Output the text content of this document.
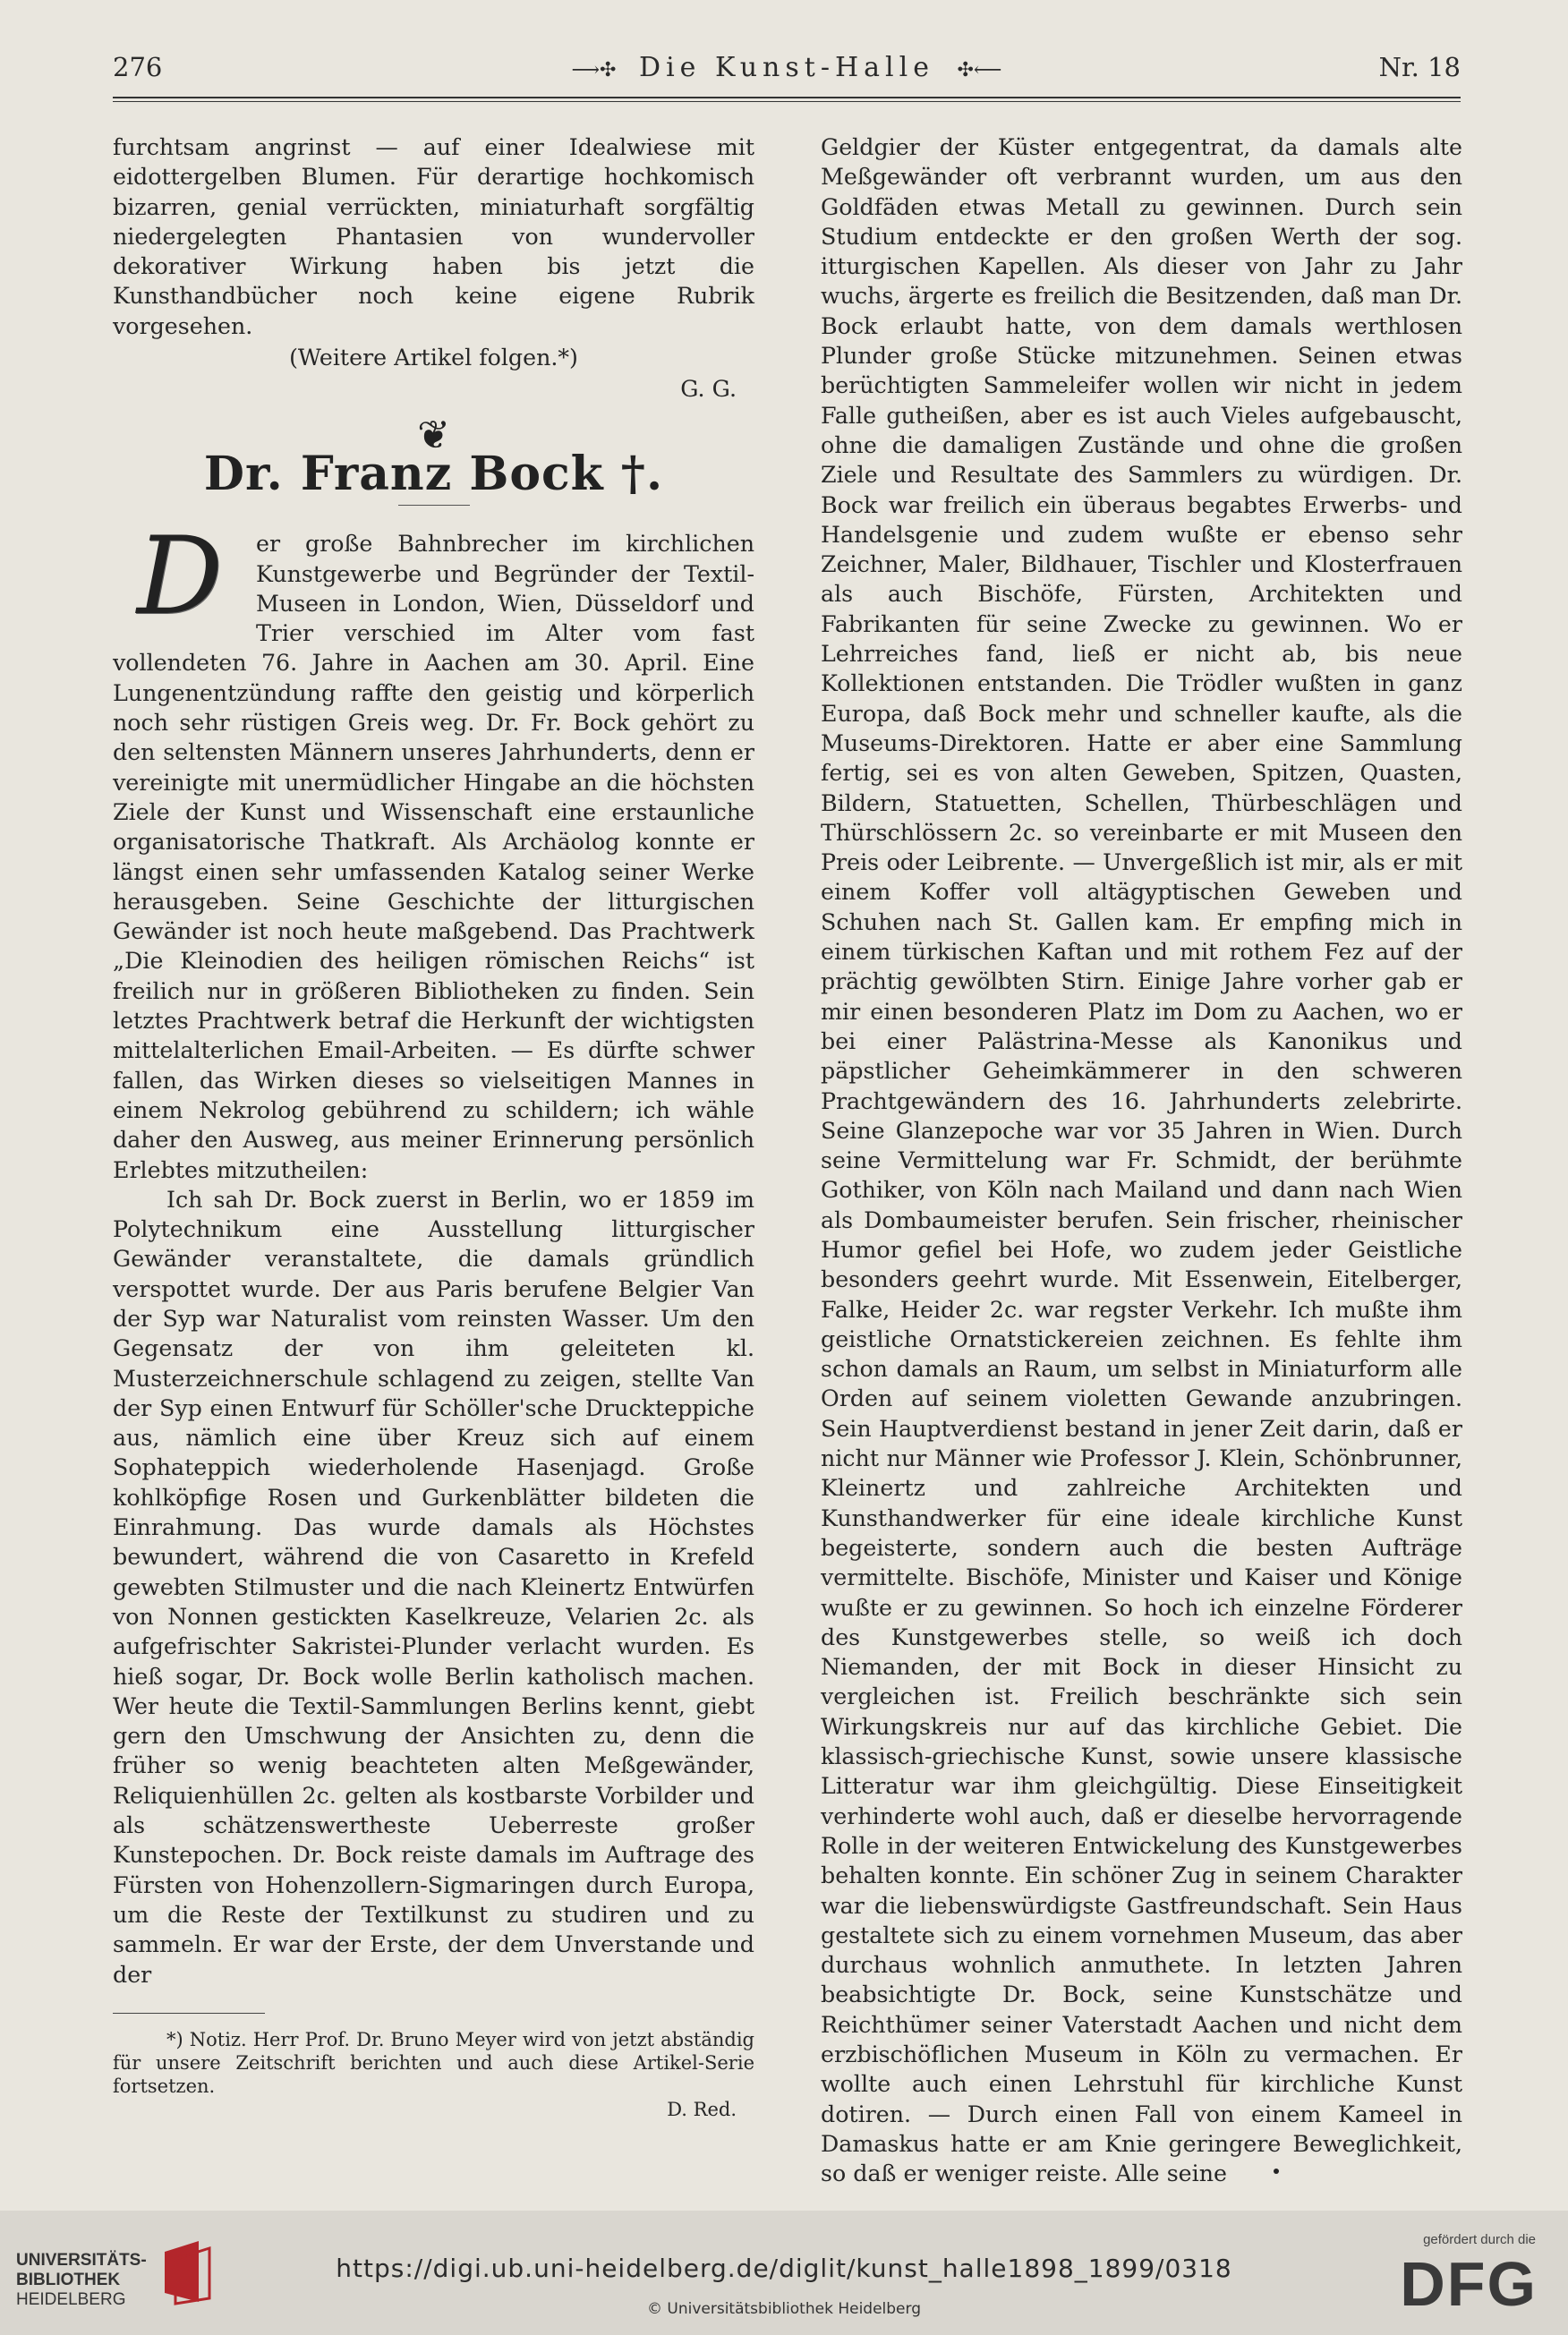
276	⟶✣ Die Kunst-Halle ✣⟵	Nr. 18

furchtsam angrinst — auf einer Idealwiese mit eidottergelben Blumen. Für derartige hochkomisch bizarren, genial verrückten, miniaturhaft sorgfältig niedergelegten Phantasien von wundervoller dekorativer Wirkung haben bis jetzt die Kunsthandbücher noch keine eigene Rubrik vorgesehen.

(Weitere Artikel folgen.*)

G. G.

❦
Dr. Franz Bock †.

D	er große Bahnbrecher im kirchlichen Kunstgewerbe und Begründer der Textil-Museen in London, Wien, Düsseldorf und Trier verschied im Alter vom fast vollendeten 76. Jahre in Aachen am 30. April. Eine Lungenentzündung raffte den geistig und körperlich noch sehr rüstigen Greis weg. Dr. Fr. Bock gehört zu den seltensten Männern unseres Jahrhunderts, denn er vereinigte mit unermüdlicher Hingabe an die höchsten Ziele der Kunst und Wissenschaft eine erstaunliche organisatorische Thatkraft. Als Archäolog konnte er längst einen sehr umfassenden Katalog seiner Werke herausgeben. Seine Geschichte der litturgischen Gewänder ist noch heute maßgebend. Das Prachtwerk „Die Kleinodien des heiligen römischen Reichs“ ist freilich nur in größeren Bibliotheken zu finden. Sein letztes Prachtwerk betraf die Herkunft der wichtigsten mittelalterlichen Email-Arbeiten. — Es dürfte schwer fallen, das Wirken dieses so vielseitigen Mannes in einem Nekrolog gebührend zu schildern; ich wähle daher den Ausweg, aus meiner Erinnerung persönlich Erlebtes mitzutheilen:

Ich sah Dr. Bock zuerst in Berlin, wo er 1859 im Polytechnikum eine Ausstellung litturgischer Gewänder veranstaltete, die damals gründlich verspottet wurde. Der aus Paris berufene Belgier Van der Syp war Naturalist vom reinsten Wasser. Um den Gegensatz der von ihm geleiteten kl. Musterzeichnerschule schlagend zu zeigen, stellte Van der Syp einen Entwurf für Schöller'sche Druckteppiche aus, nämlich eine über Kreuz sich auf einem Sophateppich wiederholende Hasenjagd. Große kohlköpfige Rosen und Gurkenblätter bildeten die Einrahmung. Das wurde damals als Höchstes bewundert, während die von Casaretto in Krefeld gewebten Stilmuster und die nach Kleinertz Entwürfen von Nonnen gestickten Kaselkreuze, Velarien 2c. als aufgefrischter Sakristei-Plunder verlacht wurden. Es hieß sogar, Dr. Bock wolle Berlin katholisch machen. Wer heute die Textil-Sammlungen Berlins kennt, giebt gern den Umschwung der Ansichten zu, denn die früher so wenig beachteten alten Meßgewänder, Reliquienhüllen 2c. gelten als kostbarste Vorbilder und als schätzenswertheste Ueberreste großer Kunstepochen. Dr. Bock reiste damals im Auftrage des Fürsten von Hohenzollern-Sigmaringen durch Europa, um die Reste der Textilkunst zu studiren und zu sammeln. Er war der Erste, der dem Unverstande und der

*) Notiz. Herr Prof. Dr. Bruno Meyer wird von jetzt abständig für unsere Zeitschrift berichten und auch diese Artikel-Serie fortsetzen.

D. Red.

Geldgier der Küster entgegentrat, da damals alte Meßgewänder oft verbrannt wurden, um aus den Goldfäden etwas Metall zu gewinnen. Durch sein Studium entdeckte er den großen Werth der sog. itturgischen Kapellen. Als dieser von Jahr zu Jahr wuchs, ärgerte es freilich die Besitzenden, daß man Dr. Bock erlaubt hatte, von dem damals werthlosen Plunder große Stücke mitzunehmen. Seinen etwas berüchtigten Sammeleifer wollen wir nicht in jedem Falle gutheißen, aber es ist auch Vieles aufgebauscht, ohne die damaligen Zustände und ohne die großen Ziele und Resultate des Sammlers zu würdigen. Dr. Bock war freilich ein überaus begabtes Erwerbs- und Handelsgenie und zudem wußte er ebenso sehr Zeichner, Maler, Bildhauer, Tischler und Klosterfrauen als auch Bischöfe, Fürsten, Architekten und Fabrikanten für seine Zwecke zu gewinnen. Wo er Lehrreiches fand, ließ er nicht ab, bis neue Kollektionen entstanden. Die Trödler wußten in ganz Europa, daß Bock mehr und schneller kaufte, als die Museums-Direktoren. Hatte er aber eine Sammlung fertig, sei es von alten Geweben, Spitzen, Quasten, Bildern, Statuetten, Schellen, Thürbeschlägen und Thürschlössern 2c. so vereinbarte er mit Museen den Preis oder Leibrente. — Unvergeßlich ist mir, als er mit einem Koffer voll altägyptischen Geweben und Schuhen nach St. Gallen kam. Er empfing mich in einem türkischen Kaftan und mit rothem Fez auf der prächtig gewölbten Stirn. Einige Jahre vorher gab er mir einen besonderen Platz im Dom zu Aachen, wo er bei einer Palästrina-Messe als Kanonikus und päpstlicher Geheimkämmerer in den schweren Prachtgewändern des 16. Jahrhunderts zelebrirte. Seine Glanzepoche war vor 35 Jahren in Wien. Durch seine Vermittelung war Fr. Schmidt, der berühmte Gothiker, von Köln nach Mailand und dann nach Wien als Dombaumeister berufen. Sein frischer, rheinischer Humor gefiel bei Hofe, wo zudem jeder Geistliche besonders geehrt wurde. Mit Essenwein, Eitelberger, Falke, Heider 2c. war regster Verkehr. Ich mußte ihm geistliche Ornatstickereien zeichnen. Es fehlte ihm schon damals an Raum, um selbst in Miniaturform alle Orden auf seinem violetten Gewande anzubringen. Sein Hauptverdienst bestand in jener Zeit darin, daß er nicht nur Männer wie Professor J. Klein, Schönbrunner, Kleinertz und zahlreiche Architekten und Kunsthandwerker für eine ideale kirchliche Kunst begeisterte, sondern auch die besten Aufträge vermittelte. Bischöfe, Minister und Kaiser und Könige wußte er zu gewinnen. So hoch ich einzelne Förderer des Kunstgewerbes stelle, so weiß ich doch Niemanden, der mit Bock in dieser Hinsicht zu vergleichen ist. Freilich beschränkte sich sein Wirkungskreis nur auf das kirchliche Gebiet. Die klassisch-griechische Kunst, sowie unsere klassische Litteratur war ihm gleichgültig. Diese Einseitigkeit verhinderte wohl auch, daß er dieselbe hervorragende Rolle in der weiteren Entwickelung des Kunstgewerbes behalten konnte. Ein schöner Zug in seinem Charakter war die liebenswürdigste Gastfreundschaft. Sein Haus gestaltete sich zu einem vornehmen Museum, das aber durchaus wohnlich anmuthete. In letzten Jahren beabsichtigte Dr. Bock, seine Kunstschätze und Reichthümer seiner Vaterstadt Aachen und nicht dem erzbischöflichen Museum in Köln zu vermachen. Er wollte auch einen Lehrstuhl für kirchliche Kunst dotiren. — Durch einen Fall von einem Kameel in Damaskus hatte er am Knie geringere Beweglichkeit, so daß er weniger reiste. Alle seine

UNIVERSITÄTS-
BIBLIOTHEK
HEIDELBERG
https://digi.ub.uni-heidelberg.de/diglit/kunst_halle1898_1899/0318
© Universitätsbibliothek Heidelberg
gefördert durch die
DFG
